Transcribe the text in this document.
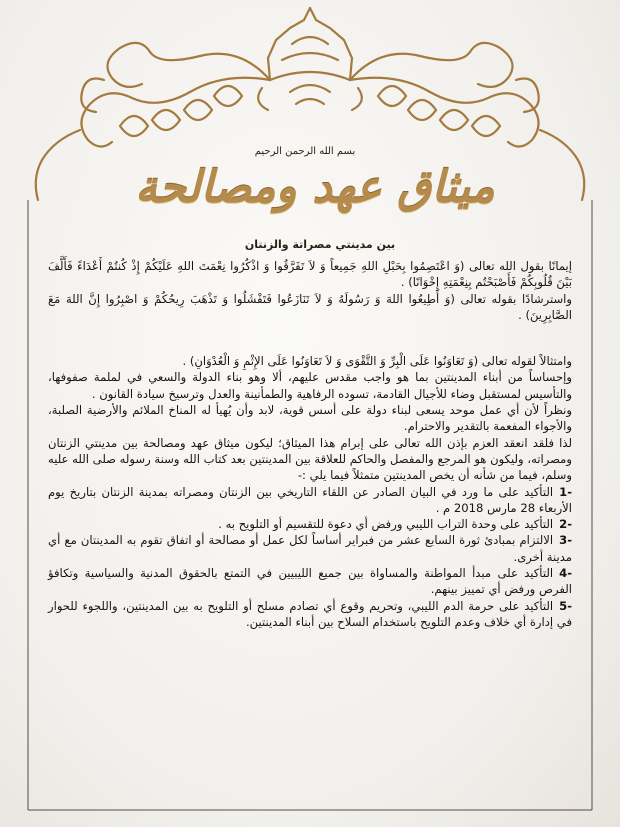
بسم الله الرحمن الرحيم
ميثاق عهد ومصالحة
بين مدينتي مصراتة والزنتان

إيمانًا بقول الله تعالى (وَ اعْتَصِمُوا بِحَبْلِ اللهِ جَمِيعاً وَ لاَ تَفَرَّقُوا وَ اذْكُرُوا نِعْمَتَ اللهِ عَلَيْكُمْ إِذْ كُنتُمْ أَعْدَاءً فَأَلَّفَ بَيْنَ قُلُوبِكُمْ فَأَصْبَحْتُم بِنِعْمَتِهِ إِخْوَانًا) .

واسترشادًا بقوله تعالى (وَ أَطِيعُوا اللهَ وَ رَسُولَهُ وَ لاَ تَنَازَعُوا فَتَفْشَلُوا وَ تَذْهَبَ رِيحُكُمْ وَ اصْبِرُوا إِنَّ اللهَ مَعَ الصَّابِرِينَ) .

وامتثالاً لقوله تعالى (وَ تَعَاوَنُوا عَلَى الْبِرِّ وَ التَّقْوَى وَ لاَ تَعَاوَنُوا عَلَى الإِثْمِ وَ الْعُدْوَانِ) .

وإحساساً من أبناء المدينتين بما هو واجب مقدس عليهم، ألا وهو بناء الدولة والسعي في لملمة صفوفها، والتأسيس لمستقبل وضاء للأجيال القادمة، تسوده الرفاهية والطمأنينة والعدل وترسيخ سيادة القانون .

ونظراً لأن أي عمل موحد يسعى لبناء دولة على أسس قوية، لابد وأن يُهيأ له المناخ الملائم والأرضية الصلبة، والأجواء المفعمة بالتقدير والاحترام.

لذا فلقد انعقد العزم بإذن الله تعالى على إبرام هذا الميثاق؛ ليكون ميثاق عهد ومصالحة بين مدينتي الزنتان ومصراته، وليكون هو المرجع والمفصل والحاكم للعلاقة بين المدينتين بعد كتاب الله وسنة رسوله صلى الله عليه وسلم، فيما من شأنه أن يخص المدينتين متمثلاً فيما يلي :-

-1التأكيد على ما ورد في البيان الصادر عن اللقاء التاريخي بين الزنتان ومصراته بمدينة الزنتان بتاريخ يوم الأربعاء 28 مارس 2018 م .

-2التأكيد على وحدة التراب الليبي ورفض أي دعوة للتقسيم أو التلويح به .

-3الالتزام بمبادئ ثورة السابع عشر من فبراير أساساً لكل عمل أو مصالحة أو اتفاق تقوم به المدينتان مع أي مدينة أخرى.

-4التأكيد على مبدأ المواطنة والمساواة بين جميع الليبيين في التمتع بالحقوق المدنية والسياسية وتكافؤ الفرص ورفض أي تمييز بينهم.

-5التأكيد على حرمة الدم الليبي، وتحريم وقوع أي تصادم مسلح أو التلويح به بين المدينتين، واللجوء للحوار في إدارة أي خلاف وعدم التلويح باستخدام السلاح بين أبناء المدينتين.
